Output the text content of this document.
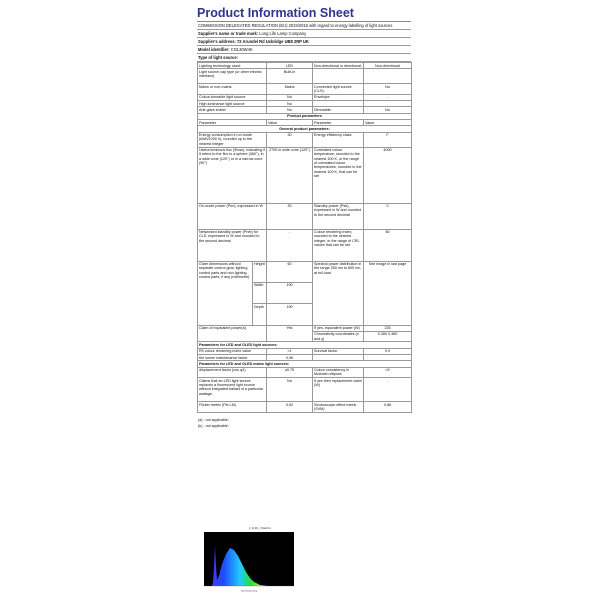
Product Information Sheet
COMMISSION DELEGATED REGULATION (EU) 2019/2015 with regard to energy labelling of light sources
Supplier's name or trade mark: Long Life Lamp Company
Supplier's address: 72 Arundel Rd Uxbridge UB8 2RP UK
Model identifier: COL30W4K
Type of light source:
Lighting technology used:		LED	Non-directional or directional:	Non-directional
Light source cap type (or other electric interface)		Built-in		
Mains or non-mains:		Mains	Connected light source (CLS):	No
Colour-tuneable light source:		No	Envelope:	-
High luminance light source:		No		
Anti-glare shield:		No	Dimmable:	No
Product parameters				
Parameter		Value	Parameter	Value
General product parameters:				
Energy consumption in on-mode (kWh/1000 h), rounded up to the nearest integer		30	Energy efficiency class	F
Useful luminous flux (Φuse), indicating if it refers to the flux in a sphere (360°), in a wide cone (120°) or in a narrow cone (90°)		2700 in wide cone (120°)	Correlated colour temperature, rounded to the nearest 100 K, or the range of correlated colour temperatures, rounded to the nearest 100 K, that can be set	4000
On-mode power (Pon), expressed in W		30	Standby power (Psb), expressed in W and rounded to the second decimal	0
Networked standby power (Pnet) for CLS, expressed in W and rounded to the second decimal		-	Colour rendering index, rounded to the nearest integer, or the range of CRI-values that can be set	80
Outer dimensions without separate control gear, lighting control parts and non-lighting control parts, if any (millimetre)	Height	60	Spectral power distribution in the range 250 nm to 800 nm, at full-load	See image in last page
	Width	190		
	Depth	190		
Claim of equivalent power(a)		Yes	If yes, equivalent power (W)	225
			Chromaticity coordinates (x and y)	0,380 0,380
Parameters for LED and OLED light sources:				
R9 colour rendering index value		>1	Survival factor	0,9
the lumen maintenance factor		0,96		
Parameters for LED and OLED mains light sources:				
displacement factor (cos φ1)		≥0.75	Colour consistency in McAdam ellipses	<5
Claims that an LED light source replaces a fluorescent light source without integrated ballast of a particular wattage.		No	If yes then replacement claim (W)	-
Flicker metric (Pst LM)		0,92	Stroboscopic effect metric (SVM)	0,86
(a) - not applicable;
(b) - not applicable;
2_4mW_1 Watt/nm
Wavelength [nm]
